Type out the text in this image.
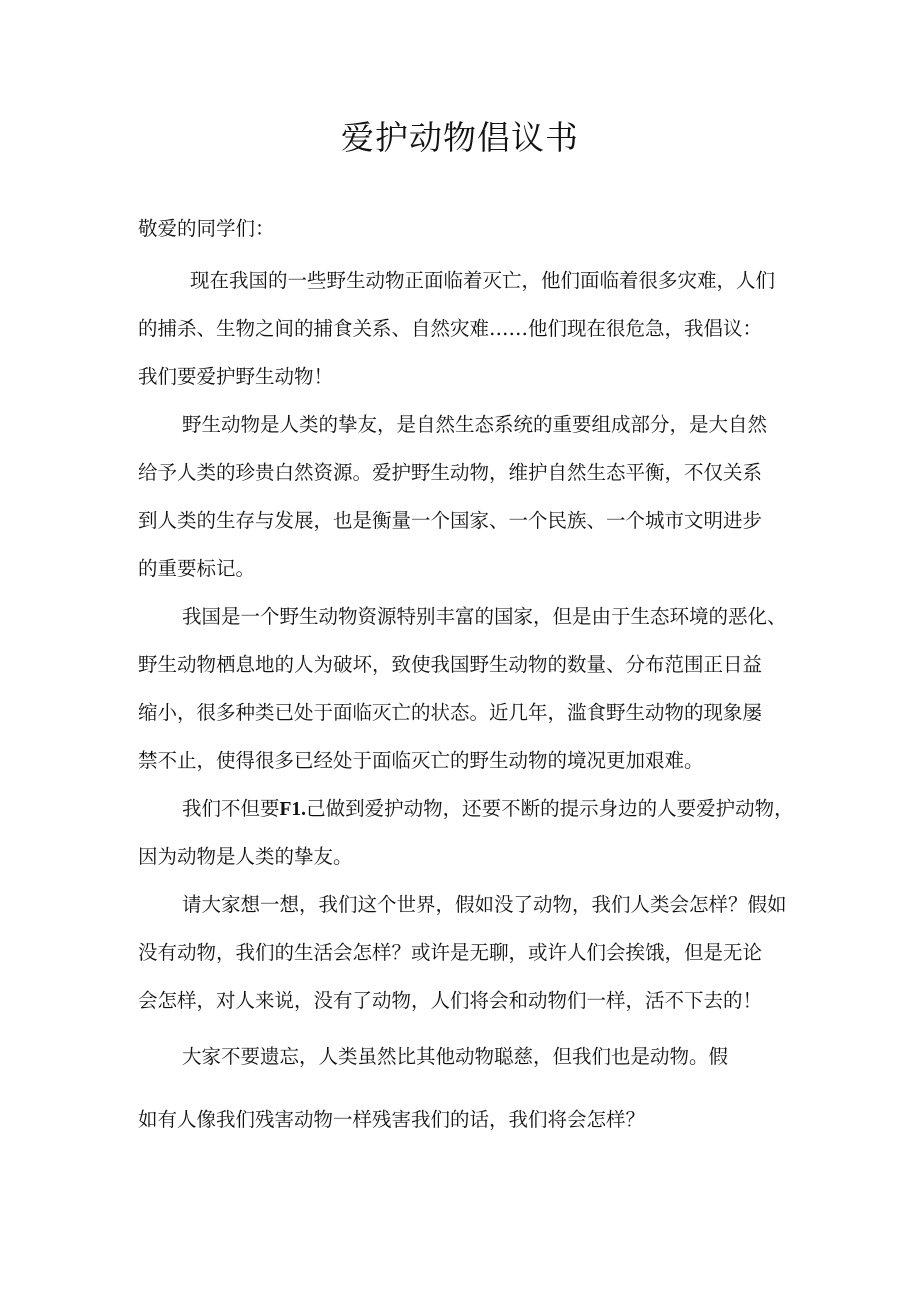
爱护动物倡议书

敬爱的同学们：

现在我国的一些野生动物正面临着灭亡，他们面临着很多灾难，人们

的捕杀、生物之间的捕食关系、自然灾难……他们现在很危急，我倡议：

我们要爱护野生动物！

野生动物是人类的挚友，是自然生态系统的重要组成部分，是大自然

给予人类的珍贵白然资源。爱护野生动物，维护自然生态平衡，不仅关系

到人类的生存与发展，也是衡量一个国家、一个民族、一个城市文明进步

的重要标记。

我国是一个野生动物资源特别丰富的国家，但是由于生态环境的恶化、

野生动物栖息地的人为破坏，致使我国野生动物的数量、分布范围正日益

缩小，很多种类已处于面临灭亡的状态。近几年，滥食野生动物的现象屡

禁不止，使得很多已经处于面临灭亡的野生动物的境况更加艰难。

我们不但要F1.己做到爱护动物，还要不断的提示身边的人要爱护动物，

因为动物是人类的挚友。

请大家想一想，我们这个世界，假如没了动物，我们人类会怎样？假如

没有动物，我们的生活会怎样？或许是无聊，或许人们会挨饿，但是无论

会怎样，对人来说，没有了动物，人们将会和动物们一样，活不下去的！

大家不要遗忘，人类虽然比其他动物聪慈，但我们也是动物。假

如有人像我们残害动物一样残害我们的话，我们将会怎样？
